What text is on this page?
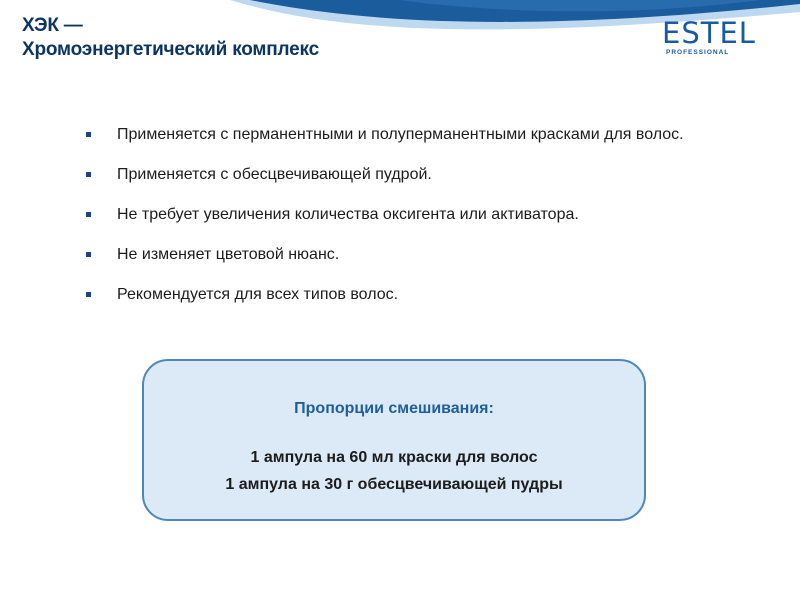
ХЭК —
Хромоэнергетический комплекс	ESTEL
PROFESSIONAL
Применяется с перманентными и полуперманентными красками для волос.
Применяется с обесцвечивающей пудрой.
Не требует увеличения количества оксигента или активатора.
Не изменяет цветовой нюанс.
Рекомендуется для всех типов волос.
Пропорции смешивания:
1 ампула на 60 мл краски для волос
1 ампула на 30 г обесцвечивающей пудры
